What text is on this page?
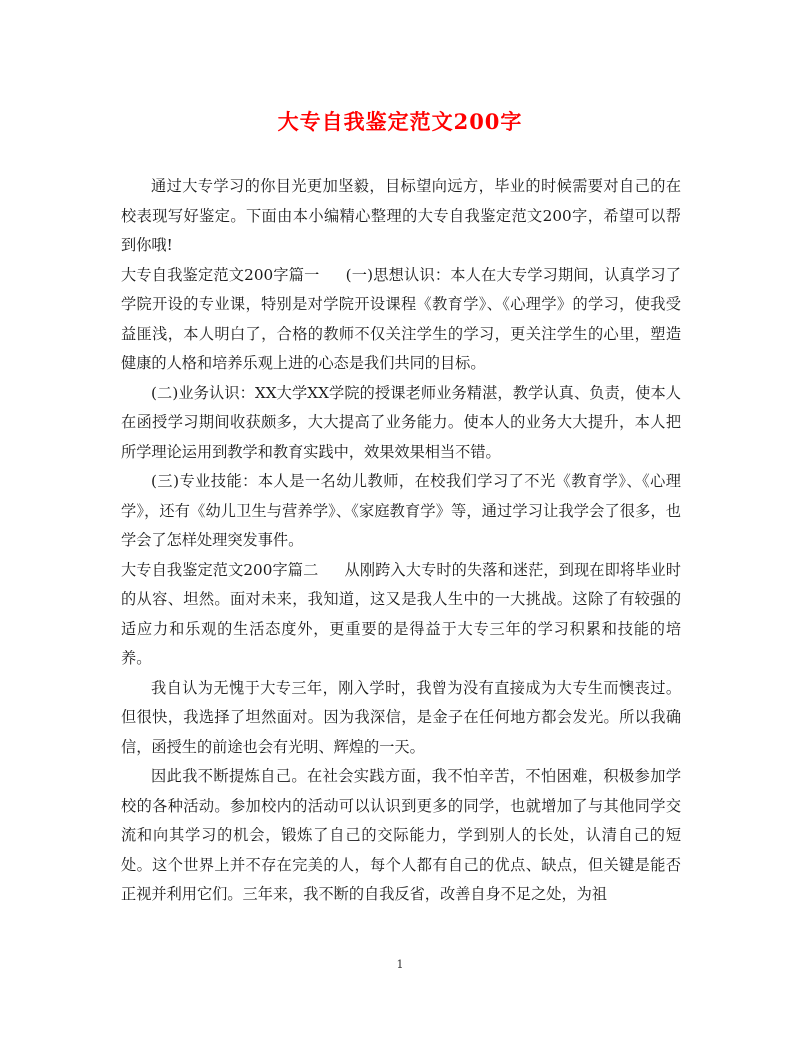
大专自我鉴定范文200字

通过大专学习的你目光更加坚毅，目标望向远方，毕业的时候需要对自己的在校表现写好鉴定。下面由本小编精心整理的大专自我鉴定范文200字，希望可以帮到你哦!

大专自我鉴定范文200字篇一 (一)思想认识：本人在大专学习期间，认真学习了学院开设的专业课，特别是对学院开设课程《教育学》、《心理学》的学习，使我受益匪浅，本人明白了，合格的教师不仅关注学生的学习，更关注学生的心里，塑造健康的人格和培养乐观上进的心态是我们共同的目标。

(二)业务认识：XX大学XX学院的授课老师业务精湛，教学认真、负责，使本人在函授学习期间收获颇多，大大提高了业务能力。使本人的业务大大提升，本人把所学理论运用到教学和教育实践中，效果效果相当不错。

(三)专业技能：本人是一名幼儿教师，在校我们学习了不光《教育学》、《心理学》，还有《幼儿卫生与营养学》、《家庭教育学》等，通过学习让我学会了很多，也学会了怎样处理突发事件。

大专自我鉴定范文200字篇二 从刚跨入大专时的失落和迷茫，到现在即将毕业时的从容、坦然。面对未来，我知道，这又是我人生中的一大挑战。这除了有较强的适应力和乐观的生活态度外，更重要的是得益于大专三年的学习积累和技能的培养。

我自认为无愧于大专三年，刚入学时，我曾为没有直接成为大专生而懊丧过。但很快，我选择了坦然面对。因为我深信，是金子在任何地方都会发光。所以我确信，函授生的前途也会有光明、辉煌的一天。

因此我不断提炼自己。在社会实践方面，我不怕辛苦，不怕困难，积极参加学校的各种活动。参加校内的活动可以认识到更多的同学，也就增加了与其他同学交流和向其学习的机会，锻炼了自己的交际能力，学到别人的长处，认清自己的短处。这个世界上并不存在完美的人，每个人都有自己的优点、缺点，但关键是能否正视并利用它们。三年来，我不断的自我反省，改善自身不足之处，为祖

1
